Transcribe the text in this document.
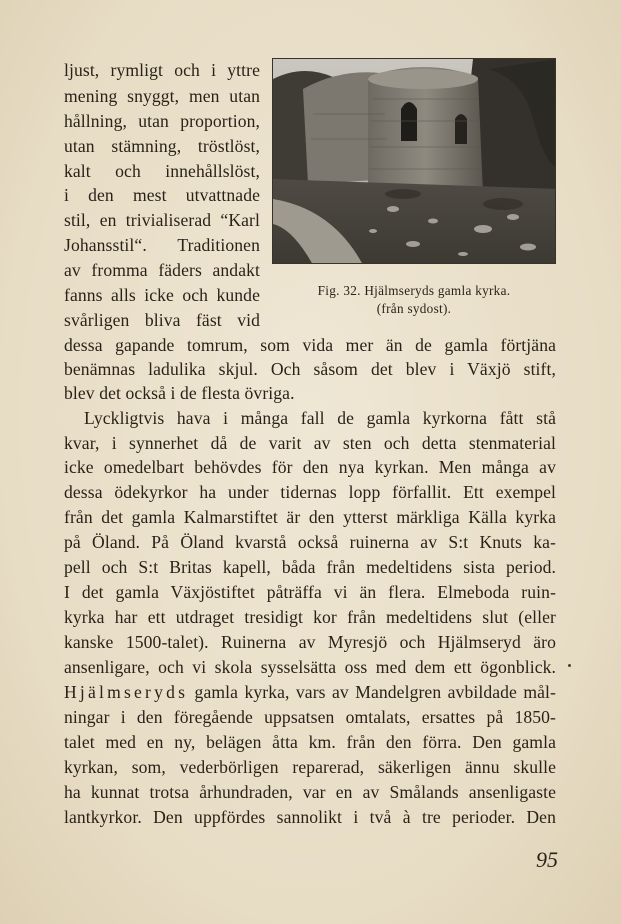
Fig. 32. Hjälmseryds gamla kyrka.
(från sydost).
ljust, rymligt och i yttre
mening snyggt, men utan
hållning, utan proportion,
utan stämning, tröstlöst,
kalt och innehållslöst,
i den mest utvattnade
stil, en trivialiserad “Karl
Johansstil“. Traditionen
av fromma fäders andakt
fanns alls icke och kunde
svårligen bliva fäst vid
dessa gapande tomrum, som vida mer än de gamla förtjäna
benämnas ladulika skjul. Och såsom det blev i Växjö stift,
blev det också i de flesta övriga.
Lyckligtvis hava i många fall de gamla kyrkorna fått stå
kvar, i synnerhet då de varit av sten och detta stenmaterial
icke omedelbart behövdes för den nya kyrkan. Men många av
dessa ödekyrkor ha under tidernas lopp förfallit. Ett exempel
från det gamla Kalmarstiftet är den ytterst märkliga Källa kyrka
på Öland. På Öland kvarstå också ruinerna av S:t Knuts ka-
pell och S:t Britas kapell, båda från medeltidens sista period.
I det gamla Växjöstiftet påträffa vi än flera. Elmeboda ruin-
kyrka har ett utdraget tresidigt kor från medeltidens slut (eller
kanske 1500-talet). Ruinerna av Myresjö och Hjälmseryd äro
ansenligare, och vi skola sysselsätta oss med dem ett ögonblick.
Hjälmseryds gamla kyrka, vars av Mandelgren avbildade mål-
ningar i den föregående uppsatsen omtalats, ersattes på 1850-
talet med en ny, belägen åtta km. från den förra. Den gamla
kyrkan, som, vederbörligen reparerad, säkerligen ännu skulle
ha kunnat trotsa århundraden, var en av Smålands ansenligaste
lantkyrkor. Den uppfördes sannolikt i två à tre perioder. Den
95
